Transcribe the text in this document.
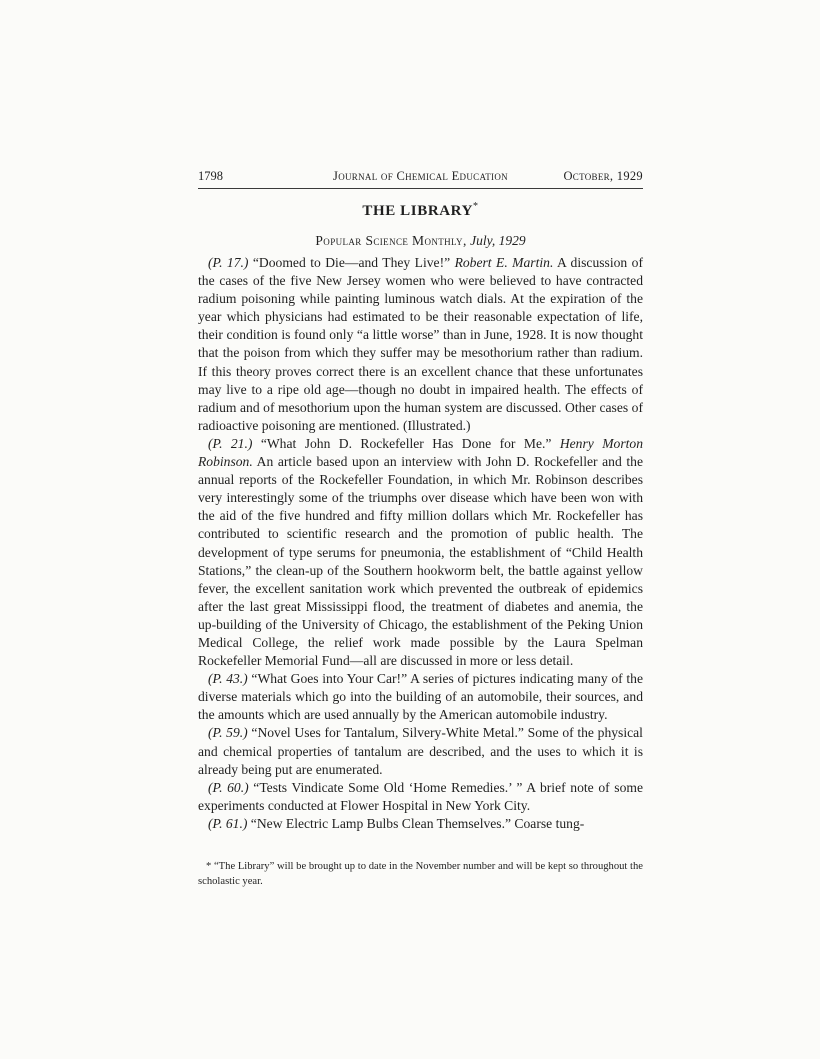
1798	Journal of Chemical Education	October, 1929
THE LIBRARY*
Popular Science Monthly, July, 1929

(P. 17.) “Doomed to Die—and They Live!” Robert E. Martin. A discussion of the cases of the five New Jersey women who were believed to have contracted radium poisoning while painting luminous watch dials. At the expiration of the year which physicians had estimated to be their reasonable expectation of life, their condition is found only “a little worse” than in June, 1928. It is now thought that the poison from which they suffer may be mesothorium rather than radium. If this theory proves correct there is an excellent chance that these unfortunates may live to a ripe old age—though no doubt in impaired health. The effects of radium and of mesothorium upon the human system are discussed. Other cases of radioactive poisoning are mentioned. (Illustrated.)

(P. 21.) “What John D. Rockefeller Has Done for Me.” Henry Morton Robinson. An article based upon an interview with John D. Rockefeller and the annual reports of the Rockefeller Foundation, in which Mr. Robinson describes very interestingly some of the triumphs over disease which have been won with the aid of the five hundred and fifty million dollars which Mr. Rockefeller has contributed to scientific research and the promotion of public health. The development of type serums for pneumonia, the establishment of “Child Health Stations,” the clean-up of the Southern hookworm belt, the battle against yellow fever, the excellent sanitation work which prevented the outbreak of epidemics after the last great Mississippi flood, the treatment of diabetes and anemia, the up-building of the University of Chicago, the establishment of the Peking Union Medical College, the relief work made possible by the Laura Spelman Rockefeller Memorial Fund—all are discussed in more or less detail.

(P. 43.) “What Goes into Your Car!” A series of pictures indicating many of the diverse materials which go into the building of an automobile, their sources, and the amounts which are used annually by the American automobile industry.

(P. 59.) “Novel Uses for Tantalum, Silvery-White Metal.” Some of the physical and chemical properties of tantalum are described, and the uses to which it is already being put are enumerated.

(P. 60.) “Tests Vindicate Some Old ‘Home Remedies.’ ” A brief note of some experiments conducted at Flower Hospital in New York City.

(P. 61.) “New Electric Lamp Bulbs Clean Themselves.” Coarse tung-

* “The Library” will be brought up to date in the November number and will be kept so throughout the scholastic year.
